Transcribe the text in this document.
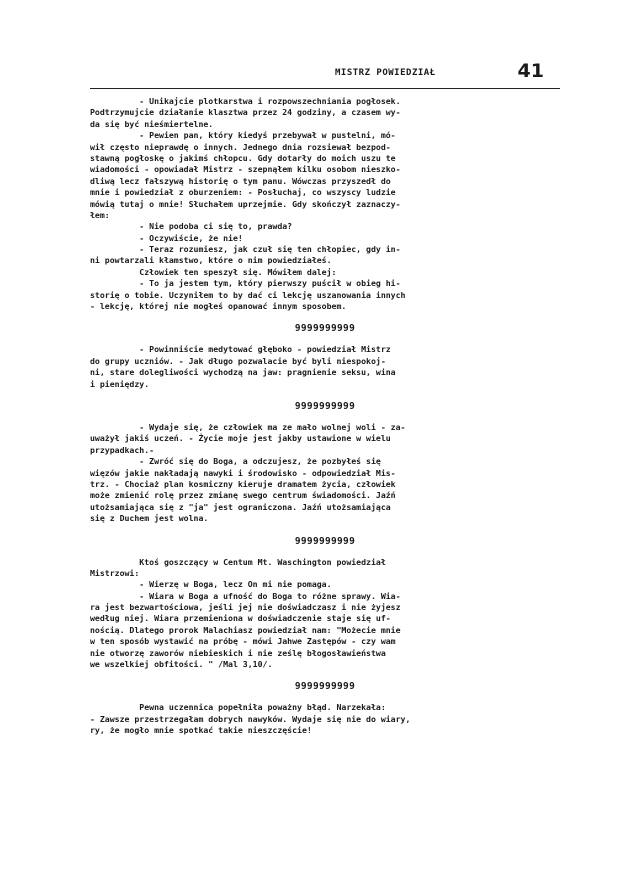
MISTRZ POWIEDZIAŁ	41
- Unikajcie plotkarstwa i rozpowszechniania pogłosek.
Podtrzymujcie działanie klasztwa przez 24 godziny, a czasem wy-
da się być nieśmiertelne.
- Pewien pan, który kiedyś przebywał w pustelni, mó-
wił często nieprawdę o innych. Jednego dnia rozsiewał bezpod-
stawną pogłoskę o jakimś chłopcu. Gdy dotarły do moich uszu te
wiadomości - opowiadał Mistrz - szepnąłem kilku osobom nieszko-
dliwą lecz fałszywą historię o tym panu. Wówczas przyszedł do
mnie i powiedział z oburzeniem: - Posłuchaj, co wszyscy ludzie
mówią tutaj o mnie! Słuchałem uprzejmie. Gdy skończył zaznaczy-
łem:
- Nie podoba ci się to, prawda?
- Oczywiście, że nie!
- Teraz rozumiesz, jak czuł się ten chłopiec, gdy in-
ni powtarzali kłamstwo, które o nim powiedziałeś.
Człowiek ten speszył się. Mówiłem dalej:
- To ja jestem tym, który pierwszy puścił w obieg hi-
storię o tobie. Uczyniłem to by dać ci lekcję uszanowania innych
- lekcję, której nie mogłeś opanować innym sposobem.
9999999999
- Powinniście medytować głęboko - powiedział Mistrz
do grupy uczniów. - Jak długo pozwalacie być byli niespokoj-
ni, stare dolegliwości wychodzą na jaw: pragnienie seksu, wina
i pieniędzy.
9999999999
- Wydaje się, że człowiek ma ze mało wolnej woli - za-
uważył jakiś uczeń. - Życie moje jest jakby ustawione w wielu
przypadkach.-
- Zwróć się do Boga, a odczujesz, że pozbyłeś się
więzów jakie nakładają nawyki i środowisko - odpowiedział Mis-
trz. - Chociaż plan kosmiczny kieruje dramatem życia, człowiek
może zmienić rolę przez zmianę swego centrum świadomości. Jaźń
utożsamiająca się z "ja" jest ograniczona. Jaźń utożsamiająca
się z Duchem jest wolna.
9999999999
Ktoś goszczący w Centum Mt. Waschington powiedział
Mistrzowi:
- Wierzę w Boga, lecz On mi nie pomaga.
- Wiara w Boga a ufność do Boga to różne sprawy. Wia-
ra jest bezwartościowa, jeśli jej nie doświadczasz i nie żyjesz
według niej. Wiara przemieniona w doświadczenie staje się uf-
nością. Dlatego prorok Malachiasz powiedział nam: "Możecie mnie
w ten sposób wystawić na próbę - mówi Jahwe Zastępów - czy wam
nie otworzę zaworów niebieskich i nie ześlę błogosławieństwa
we wszelkiej obfitości. " /Mal 3,10/.
9999999999
Pewna uczennica popełniła poważny błąd. Narzekała:
- Zawsze przestrzegałam dobrych nawyków. Wydaje się nie do wiary,
ry, że mogło mnie spotkać takie nieszczęście!
